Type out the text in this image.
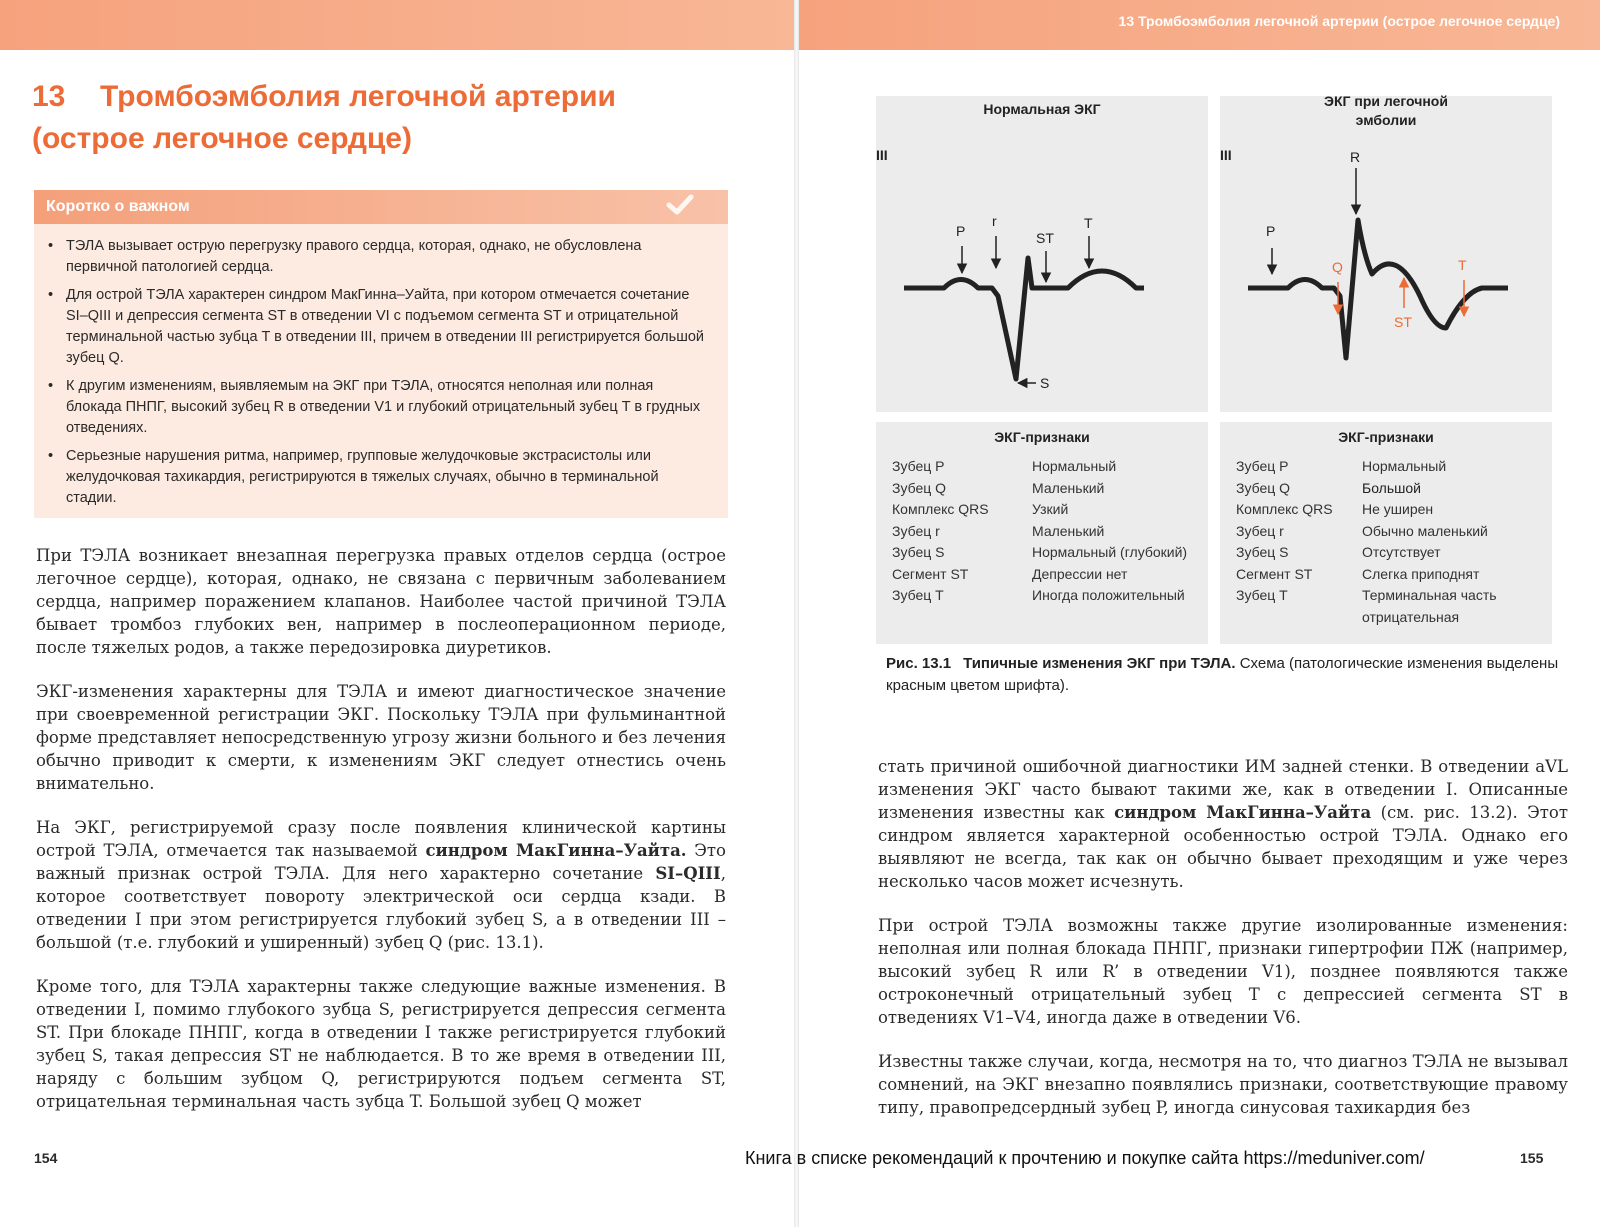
13 Тромбоэмболия легочной артерии (острое легочное сердце)
13 Тромбоэмболия легочной артерии
(острое легочное сердце)
Коротко о важном
• ТЭЛА вызывает острую перегрузку правого сердца, которая, однако, не обусловлена первичной патологией сердца.
• Для острой ТЭЛА характерен синдром МакГинна–Уайта, при котором отмечается сочетание SI–QIII и депрессия сегмента ST в отведении VI с подъемом сегмента ST и отрицательной терминальной частью зубца T в отведении III, причем в отведении III регистрируется большой зубец Q.
• К другим изменениям, выявляемым на ЭКГ при ТЭЛА, относятся неполная или полная блокада ПНПГ, высокий зубец R в отведении V1 и глубокий отрицательный зубец T в грудных отведениях.
• Серьезные нарушения ритма, например, групповые желудочковые экстрасистолы или желудочковая тахикардия, регистрируются в тяжелых случаях, обычно в терминальной стадии.

При ТЭЛА возникает внезапная перегрузка правых отделов сердца (острое легочное сердце), которая, однако, не связана с первичным заболеванием сердца, например поражением клапанов. Наиболее частой причиной ТЭЛА бывает тромбоз глубоких вен, например в послеоперационном периоде, после тяжелых родов, а также передозировка диуретиков.

ЭКГ-изменения характерны для ТЭЛА и имеют диагностическое значение при своевременной регистрации ЭКГ. Поскольку ТЭЛА при фульминантной форме представляет непосредственную угрозу жизни больного и без лечения обычно приводит к смерти, к изменениям ЭКГ следует отнестись очень внимательно.

На ЭКГ, регистрируемой сразу после появления клинической картины острой ТЭЛА, отмечается так называемой синдром МакГинна–Уайта. Это важный признак острой ТЭЛА. Для него характерно сочетание SI–QIII, которое соответствует повороту электрической оси сердца кзади. В отведении I при этом регистрируется глубокий зубец S, а в отведении III – большой (т.е. глубокий и уширенный) зубец Q (рис. 13.1).

Кроме того, для ТЭЛА характерны также следующие важные изменения. В отведении I, помимо глубокого зубца S, регистрируется депрессия сегмента ST. При блокаде ПНПГ, когда в отведении I также регистрируется глубокий зубец S, такая депрессия ST не наблюдается. В то же время в отведении III, наряду с большим зубцом Q, регистрируются подъем сегмента ST, отрицательная терминальная часть зубца T. Большой зубец Q может

154
Нормальная ЭКГ	ЭКГ при легочной
эмболии
III
P
r
ST
T
S
III
P
R
Q
ST
T
ЭКГ-признаки	ЭКГ-признаки
Зубец P	Нормальный
Зубец Q	Маленький
Комплекс QRS	Узкий
Зубец r	Маленький
Зубец S	Нормальный (глубокий)
Сегмент ST	Депрессии нет
Зубец T	Иногда положительный
Зубец P	Нормальный
Зубец Q	Большой
Комплекс QRS	Не уширен
Зубец r	Обычно маленький
Зубец S	Отсутствует
Сегмент ST	Слегка приподнят
Зубец T	Терминальная часть
отрицательная
Рис. 13.1 Типичные изменения ЭКГ при ТЭЛА. Схема (патологические изменения выделены красным цветом шрифта).

стать причиной ошибочной диагностики ИМ задней стенки. В отведении aVL изменения ЭКГ часто бывают такими же, как в отведении I. Описанные изменения известны как синдром МакГинна–Уайта (см. рис. 13.2). Этот синдром является характерной особенностью острой ТЭЛА. Однако его выявляют не всегда, так как он обычно бывает преходящим и уже через несколько часов может исчезнуть.

При острой ТЭЛА возможны также другие изолированные изменения: неполная или полная блокада ПНПГ, признаки гипертрофии ПЖ (например, высокий зубец R или R’ в отведении V1), позднее появляются также остроконечный отрицательный зубец T с депрессией сегмента ST в отведениях V1–V4, иногда даже в отведении V6.

Известны также случаи, когда, несмотря на то, что диагноз ТЭЛА не вызывал сомнений, на ЭКГ внезапно появлялись признаки, соответствующие правому типу, правопредсердный зубец P, иногда синусовая тахикардия без

Книга в списке рекомендаций к прочтению и покупке сайта https://meduniver.com/	155
